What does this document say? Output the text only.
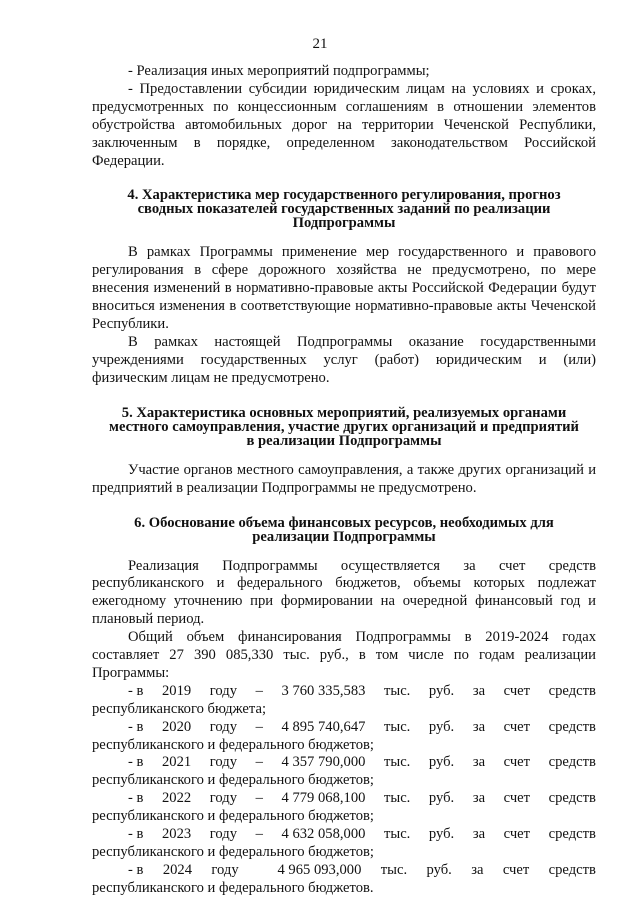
21

- Реализация иных мероприятий подпрограммы;

- Предоставлении субсидии юридическим лицам на условиях и сроках, предусмотренных по концессионным соглашениям в отношении элементов обустройства автомобильных дорог на территории Чеченской Республики, заключенным в порядке, определенном законодательством Российской Федерации.

4. Характеристика мер государственного регулирования, прогноз
сводных показателей государственных заданий по реализации
Подпрограммы

В рамках Программы применение мер государственного и правового регулирования в сфере дорожного хозяйства не предусмотрено, по мере внесения изменений в нормативно-правовые акты Российской Федерации будут вноситься изменения в соответствующие нормативно-правовые акты Чеченской Республики.

В рамках настоящей Подпрограммы оказание государственными учреждениями государственных услуг (работ) юридическим и (или) физическим лицам не предусмотрено.

5. Характеристика основных мероприятий, реализуемых органами
местного самоуправления, участие других организаций и предприятий
в реализации Подпрограммы

Участие органов местного самоуправления, а также других организаций и предприятий в реализации Подпрограммы не предусмотрено.

6. Обоснование объема финансовых ресурсов, необходимых для
реализации Подпрограммы

Реализация Подпрограммы осуществляется за счет средств республиканского и федерального бюджетов, объемы которых подлежат ежегодному уточнению при формировании на очередной финансовый год и плановый период.

Общий объем финансирования Подпрограммы в 2019-2024 годах составляет 27 390 085,330 тыс. руб., в том числе по годам реализации Программы:

- в 2019 году – 3 760 335,583 тыс. руб. за счет средств
республиканского бюджета;
- в 2020 году – 4 895 740,647 тыс. руб. за счет средств
республиканского и федерального бюджетов;
- в 2021 году – 4 357 790,000 тыс. руб. за счет средств
республиканского и федерального бюджетов;
- в 2022 году – 4 779 068,100 тыс. руб. за счет средств
республиканского и федерального бюджетов;
- в 2023 году – 4 632 058,000 тыс. руб. за счет средств
республиканского и федерального бюджетов;
- в 2024 году	4 965 093,000 тыс. руб. за счет средств
республиканского и федерального бюджетов.
